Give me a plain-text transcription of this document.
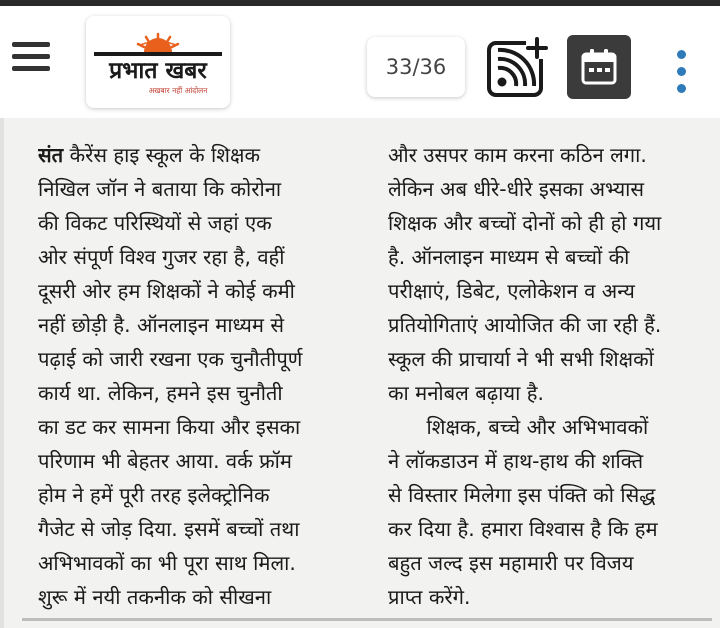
प्रभात खबर
अखबार नहीं आंदोलन
33/36
संत कैरेंस हाइ स्कूल के शिक्षक
निखिल जॉन ने बताया कि कोरोना
की विकट परिस्थियों से जहां एक
ओर संपूर्ण विश्व गुजर रहा है, वहीं
दूसरी ओर हम शिक्षकों ने कोई कमी
नहीं छोड़ी है. ऑनलाइन माध्यम से
पढ़ाई को जारी रखना एक चुनौतीपूर्ण
कार्य था. लेकिन, हमने इस चुनौती
का डट कर सामना किया और इसका
परिणाम भी बेहतर आया. वर्क फ्रॉम
होम ने हमें पूरी तरह इलेक्ट्रोनिक
गैजेट से जोड़ दिया. इसमें बच्चों तथा
अभिभावकों का भी पूरा साथ मिला.
शुरू में नयी तकनीक को सीखना
और उसपर काम करना कठिन लगा.
लेकिन अब धीरे-धीरे इसका अभ्यास
शिक्षक और बच्चों दोनों को ही हो गया
है. ऑनलाइन माध्यम से बच्चों की
परीक्षाएं, डिबेट, एलोकेशन व अन्य
प्रतियोगिताएं आयोजित की जा रही हैं.
स्कूल की प्राचार्या ने भी सभी शिक्षकों
का मनोबल बढ़ाया है.
शिक्षक, बच्चे और अभिभावकों
ने लॉकडाउन में हाथ-हाथ की शक्ति
से विस्तार मिलेगा इस पंक्ति को सिद्ध
कर दिया है. हमारा विश्वास है कि हम
बहुत जल्द इस महामारी पर विजय
प्राप्त करेंगे.
